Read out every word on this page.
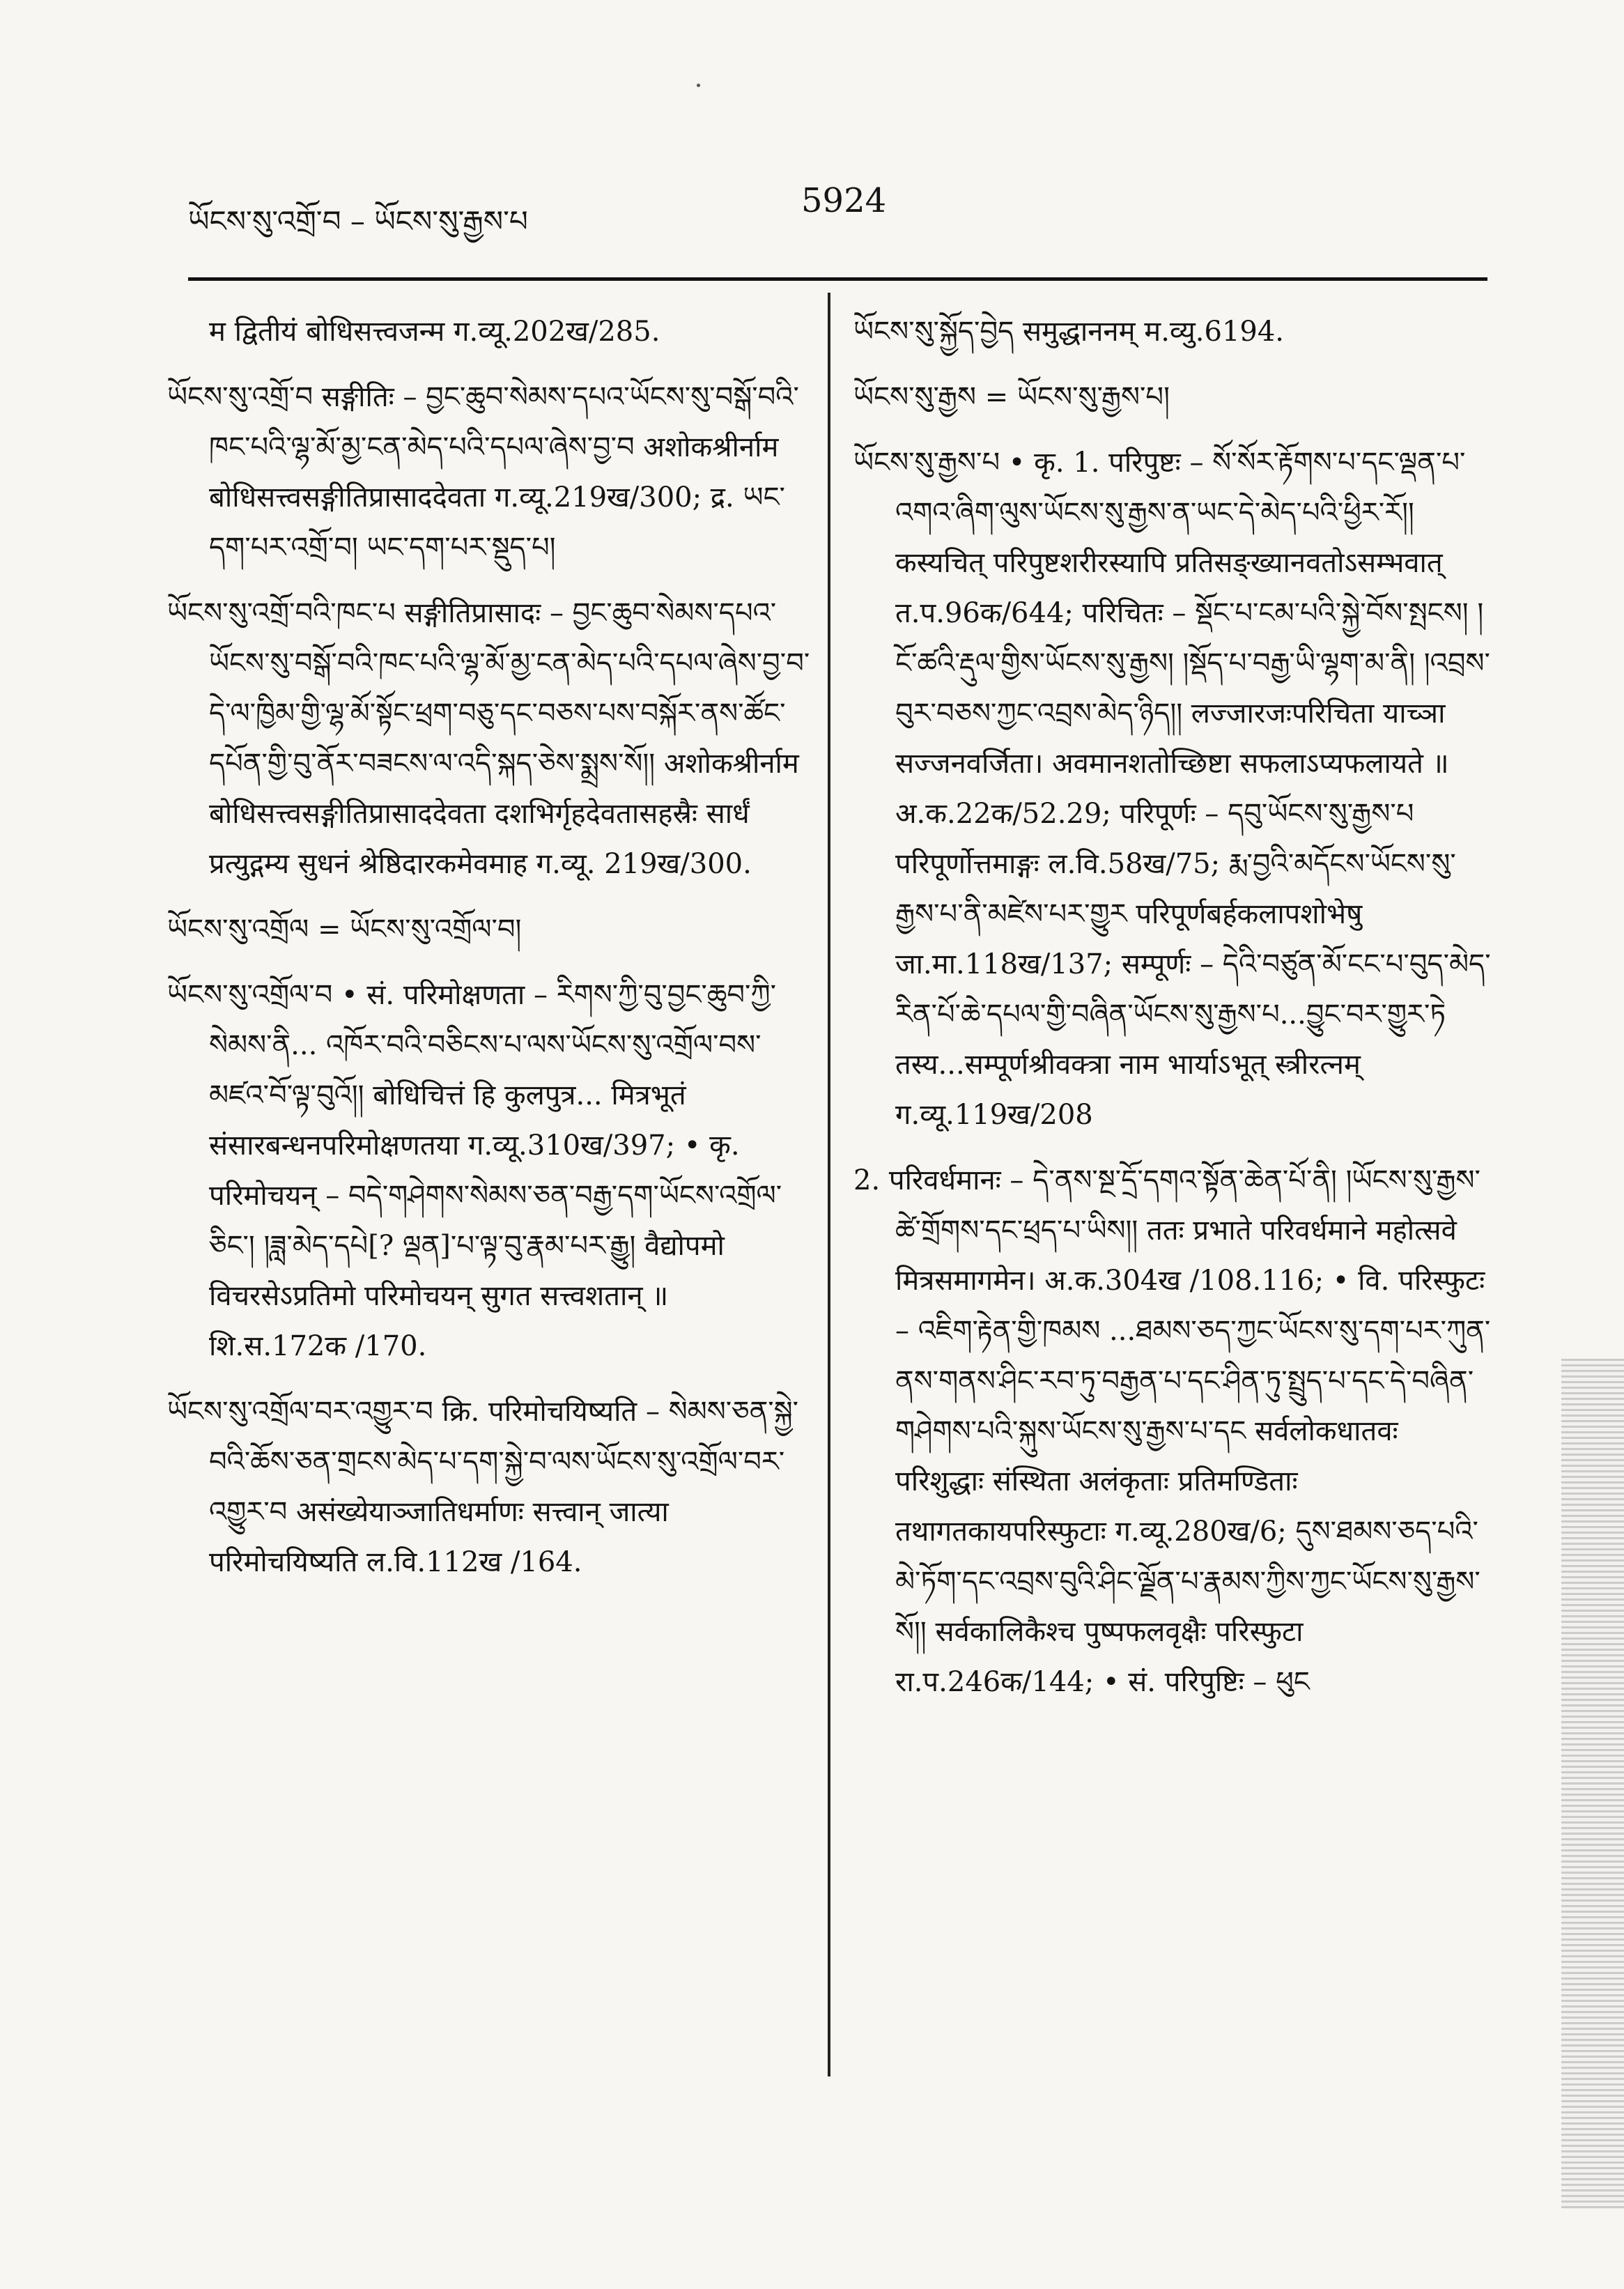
ཡོངས་སུ་འགྲོ་བ – ཡོངས་སུ་རྒྱས་པ
5924
म द्वितीयं बोधिसत्त्वजन्म ग.व्यू.202ख/285.
ཡོངས་སུ་འགྲོ་བ सङ्गीतिः – བྱང་ཆུབ་སེམས་དཔའ་ཡོངས་སུ་བསྒོ་བའི་ཁང་པའི་ལྷ་མོ་མྱ་ངན་མེད་པའི་དཔལ་ཞེས་བྱ་བ अशोकश्रीर्नाम बोधिसत्त्वसङ्गीतिप्रासाददेवता ग.व्यू.219ख/300; द्र. ཡང་དག་པར་འགྲོ་བ། ཡང་དག་པར་སྡུད་པ།
ཡོངས་སུ་འགྲོ་བའི་ཁང་པ सङ्गीतिप्रासादः – བྱང་ཆུབ་སེམས་དཔའ་ཡོངས་སུ་བསྒོ་བའི་ཁང་པའི་ལྷ་མོ་མྱ་ངན་མེད་པའི་དཔལ་ཞེས་བྱ་བ་དེ་ལ་ཁྱིམ་གྱི་ལྷ་མོ་སྟོང་ཕྲག་བཅུ་དང་བཅས་པས་བསྐོར་ནས་ཚོང་དཔོན་གྱི་བུ་ནོར་བཟངས་ལ་འདི་སྐད་ཅེས་སྨྲས་སོ།། अशोकश्रीर्नाम बोधिसत्त्वसङ्गीतिप्रासाददेवता दशभिर्गृहदेवतासहस्रैः सार्धं प्रत्युद्गम्य सुधनं श्रेष्ठिदारकमेवमाह ग.व्यू. 219ख/300.
ཡོངས་སུ་འགྲོལ = ཡོངས་སུ་འགྲོལ་བ།
ཡོངས་སུ་འགྲོལ་བ • सं. परिमोक्षणता – རིགས་ཀྱི་བུ་བྱང་ཆུབ་ཀྱི་སེམས་ནི... འཁོར་བའི་བཅིངས་པ་ལས་ཡོངས་སུ་འགྲོལ་བས་མཛའ་བོ་ལྟ་བུའོ།། बोधिचित्तं हि कुलपुत्र... मित्रभूतं संसारबन्धनपरिमोक्षणतया ग.व्यू.310ख/397; • कृ. परिमोचयन् – བདེ་གཤེགས་སེམས་ཅན་བརྒྱ་དག་ཡོངས་འགྲོལ་ཅིང་། །ཟླ་མེད་དཔེ[? ལྡན]་པ་ལྟ་བུ་རྣམ་པར་རྒྱུ། वैद्योपमो विचरसेऽप्रतिमो परिमोचयन् सुगत सत्त्वशतान् ॥ शि.स.172क /170.
ཡོངས་སུ་འགྲོལ་བར་འགྱུར་བ क्रि. परिमोचयिष्यति – སེམས་ཅན་སྐྱེ་བའི་ཆོས་ཅན་གྲངས་མེད་པ་དག་སྐྱེ་བ་ལས་ཡོངས་སུ་འགྲོལ་བར་འགྱུར་བ असंख्येयाञ्जातिधर्माणः सत्त्वान् जात्या परिमोचयिष्यति ल.वि.112ख /164.
ཡོངས་སུ་སྐྱོད་བྱེད समुद्धाननम् म.व्यु.6194.
ཡོངས་སུ་རྒྱས = ཡོངས་སུ་རྒྱས་པ།
ཡོངས་སུ་རྒྱས་པ • कृ. 1. परिपुष्टः – སོ་སོར་རྟོགས་པ་དང་ལྡན་པ་འགའ་ཞིག་ལུས་ཡོངས་སུ་རྒྱས་ན་ཡང་དེ་མེད་པའི་ཕྱིར་རོ།། कस्यचित् परिपुष्टशरीरस्यापि प्रतिसङ्ख्यानवतोऽसम्भवात् त.प.96क/644; परिचितः – སྡོང་པ་ངམ་པའི་སྐྱེ་བོས་སྤངས། །ངོ་ཚའི་རྡུལ་གྱིས་ཡོངས་སུ་རྒྱས། །སྡོད་པ་བརྒྱ་ཡི་ལྷག་མ་ནི། །འབྲས་བུར་བཅས་ཀྱང་འབྲས་མེད་ཉིད།། लज्जारजःपरिचिता याच्ञा सज्जनवर्जिता। अवमानशतोच्छिष्टा सफलाऽप्यफलायते ॥ अ.क.22क/52.29; परिपूर्णः – དབུ་ཡོངས་སུ་རྒྱས་པ परिपूर्णोत्तमाङ्गः ल.वि.58ख/75; རྨ་བྱའི་མདོངས་ཡོངས་སུ་རྒྱས་པ་ནི་མཛེས་པར་གྱུར परिपूर्णबर्हकलापशोभेषु जा.मा.118ख/137; सम्पूर्णः – དེའི་བཙུན་མོ་ངང་པ་བུད་མེད་རིན་པོ་ཆེ་དཔལ་གྱི་བཞིན་ཡོངས་སུ་རྒྱས་པ...བྱུང་བར་གྱུར་ཏེ तस्य...सम्पूर्णश्रीवक्त्रा नाम भार्याऽभूत् स्त्रीरत्नम् ग.व्यू.119ख/208
2. परिवर्धमानः – དེ་ནས་སྔ་དྲོ་དགའ་སྟོན་ཆེན་པོ་ནི། །ཡོངས་སུ་རྒྱས་ཚེ་གྲོགས་དང་ཕྲད་པ་ཡིས།། ततः प्रभाते परिवर्धमाने महोत्सवे मित्रसमागमेन। अ.क.304ख /108.116; • वि. परिस्फुटः – འཇིག་རྟེན་གྱི་ཁམས ...ཐམས་ཅད་ཀྱང་ཡོངས་སུ་དག་པར་ཀུན་ནས་གནས་ཤིང་རབ་ཏུ་བརྒྱན་པ་དང་ཤིན་ཏུ་སྤྲུད་པ་དང་དེ་བཞིན་གཤེགས་པའི་སྐུས་ཡོངས་སུ་རྒྱས་པ་དང सर्वलोकधातवः परिशुद्धाः संस्थिता अलंकृताः प्रतिमण्डिताः तथागतकायपरिस्फुटाः ग.व्यू.280ख/6; དུས་ཐམས་ཅད་པའི་མེ་ཏོག་དང་འབྲས་བུའི་ཤིང་ལྗོན་པ་རྣམས་ཀྱིས་ཀྱང་ཡོངས་སུ་རྒྱས་སོ།། सर्वकालिकैश्च पुष्पफलवृक्षैः परिस्फुटा रा.प.246क/144; • सं. परिपुष्टिः – ཕུང
